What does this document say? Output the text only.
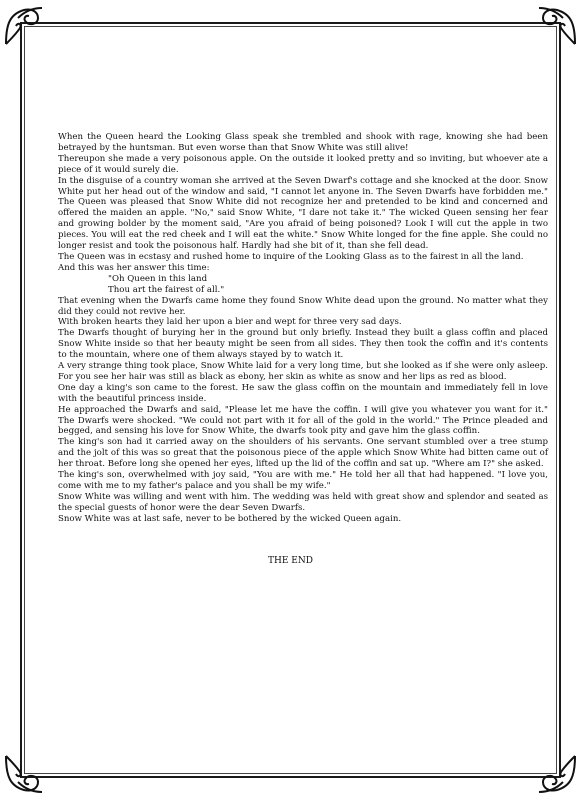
When the Queen heard the Looking Glass speak she trembled and shook with rage, knowing she had been betrayed by the huntsman. But even worse than that Snow White was still alive!

Thereupon she made a very poisonous apple. On the outside it looked pretty and so inviting, but whoever ate a piece of it would surely die.

In the disguise of a country woman she arrived at the Seven Dwarf's cottage and she knocked at the door. Snow White put her head out of the window and said, "I cannot let anyone in. The Seven Dwarfs have forbidden me." The Queen was pleased that Snow White did not recognize her and pretended to be kind and concerned and offered the maiden an apple. "No," said Snow White, "I dare not take it." The wicked Queen sensing her fear and growing bolder by the moment said, "Are you afraid of being poisoned? Look I will cut the apple in two pieces. You will eat the red cheek and I will eat the white." Snow White longed for the fine apple. She could no longer resist and took the poisonous half. Hardly had she bit of it, than she fell dead.

The Queen was in ecstasy and rushed home to inquire of the Looking Glass as to the fairest in all the land.

And this was her answer this time:

"Oh Queen in this land

Thou art the fairest of all."

That evening when the Dwarfs came home they found Snow White dead upon the ground. No matter what they did they could not revive her.

With broken hearts they laid her upon a bier and wept for three very sad days.

The Dwarfs thought of burying her in the ground but only briefly. Instead they built a glass coffin and placed Snow White inside so that her beauty might be seen from all sides. They then took the coffin and it's contents to the mountain, where one of them always stayed by to watch it.

A very strange thing took place, Snow White laid for a very long time, but she looked as if she were only asleep. For you see her hair was still as black as ebony, her skin as white as snow and her lips as red as blood.

One day a king's son came to the forest. He saw the glass coffin on the mountain and immediately fell in love with the beautiful princess inside.

He approached the Dwarfs and said, "Please let me have the coffin. I will give you whatever you want for it." The Dwarfs were shocked. "We could not part with it for all of the gold in the world." The Prince pleaded and begged, and sensing his love for Snow White, the dwarfs took pity and gave him the glass coffin.

The king's son had it carried away on the shoulders of his servants. One servant stumbled over a tree stump and the jolt of this was so great that the poisonous piece of the apple which Snow White had bitten came out of her throat. Before long she opened her eyes, lifted up the lid of the coffin and sat up. "Where am I?" she asked.

The king's son, overwhelmed with joy said, "You are with me." He told her all that had happened. "I love you, come with me to my father's palace and you shall be my wife."

Snow White was willing and went with him. The wedding was held with great show and splendor and seated as the special guests of honor were the dear Seven Dwarfs.

Snow White was at last safe, never to be bothered by the wicked Queen again.

THE END
